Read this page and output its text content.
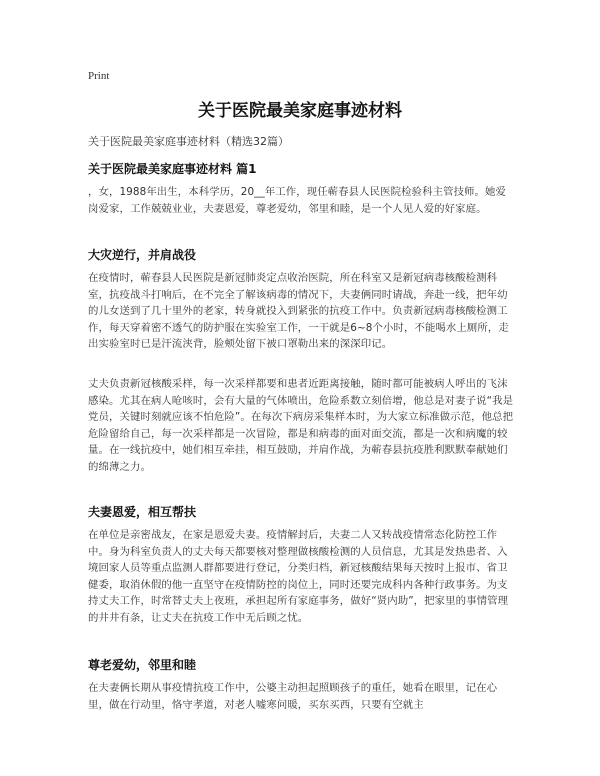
Print
关于医院最美家庭事迹材料
关于医院最美家庭事迹材料（精选32篇）
关于医院最美家庭事迹材料 篇1
，女，1988年出生，本科学历，20__年工作，现任蕲春县人民医院检验科主管技师。她爱岗爱家，工作兢兢业业，夫妻恩爱，尊老爱幼，邻里和睦，是一个人见人爱的好家庭。
大灾逆行，并肩战役
在疫情时，蕲春县人民医院是新冠肺炎定点收治医院，所在科室又是新冠病毒核酸检测科室，抗疫战斗打响后，在不完全了解该病毒的情况下，夫妻俩同时请战，奔赴一线，把年幼的儿女送到了几十里外的老家，转身就投入到紧张的抗疫工作中。负责新冠病毒核酸检测工作，每天穿着密不透气的防护服在实验室工作，一干就是6~8个小时，不能喝水上厕所，走出实验室时已是汗流浃背，脸颊处留下被口罩勒出来的深深印记。
丈夫负责新冠核酸采样，每一次采样都要和患者近距离接触，随时都可能被病人呼出的飞沫感染。尤其在病人呛咳时，会有大量的气体喷出，危险系数立刻倍增，他总是对妻子说“我是党员，关键时刻就应该不怕危险”。在每次下病房采集样本时，为大家立标准做示范，他总把危险留给自己，每一次采样都是一次冒险，都是和病毒的面对面交流，都是一次和病魔的较量。在一线抗疫中，她们相互牵挂，相互鼓励，并肩作战，为蕲春县抗疫胜利默默奉献她们的绵薄之力。
夫妻恩爱，相互帮扶
在单位是亲密战友，在家是恩爱夫妻。疫情解封后，夫妻二人又转战疫情常态化防控工作中。身为科室负责人的丈夫每天都要核对整理做核酸检测的人员信息，尤其是发热患者、入境回家人员等重点监测人群都要进行登记，分类归档，新冠核酸结果每天按时上报市、省卫健委，取消休假的他一直坚守在疫情防控的岗位上，同时还要完成科内各种行政事务。为支持丈夫工作，时常替丈夫上夜班，承担起所有家庭事务，做好“贤内助”，把家里的事情管理的井井有条，让丈夫在抗疫工作中无后顾之忧。
尊老爱幼，邻里和睦
在夫妻俩长期从事疫情抗疫工作中，公婆主动担起照顾孩子的重任，她看在眼里，记在心里，做在行动里，恪守孝道，对老人嘘寒问暖，买东买西，只要有空就主
